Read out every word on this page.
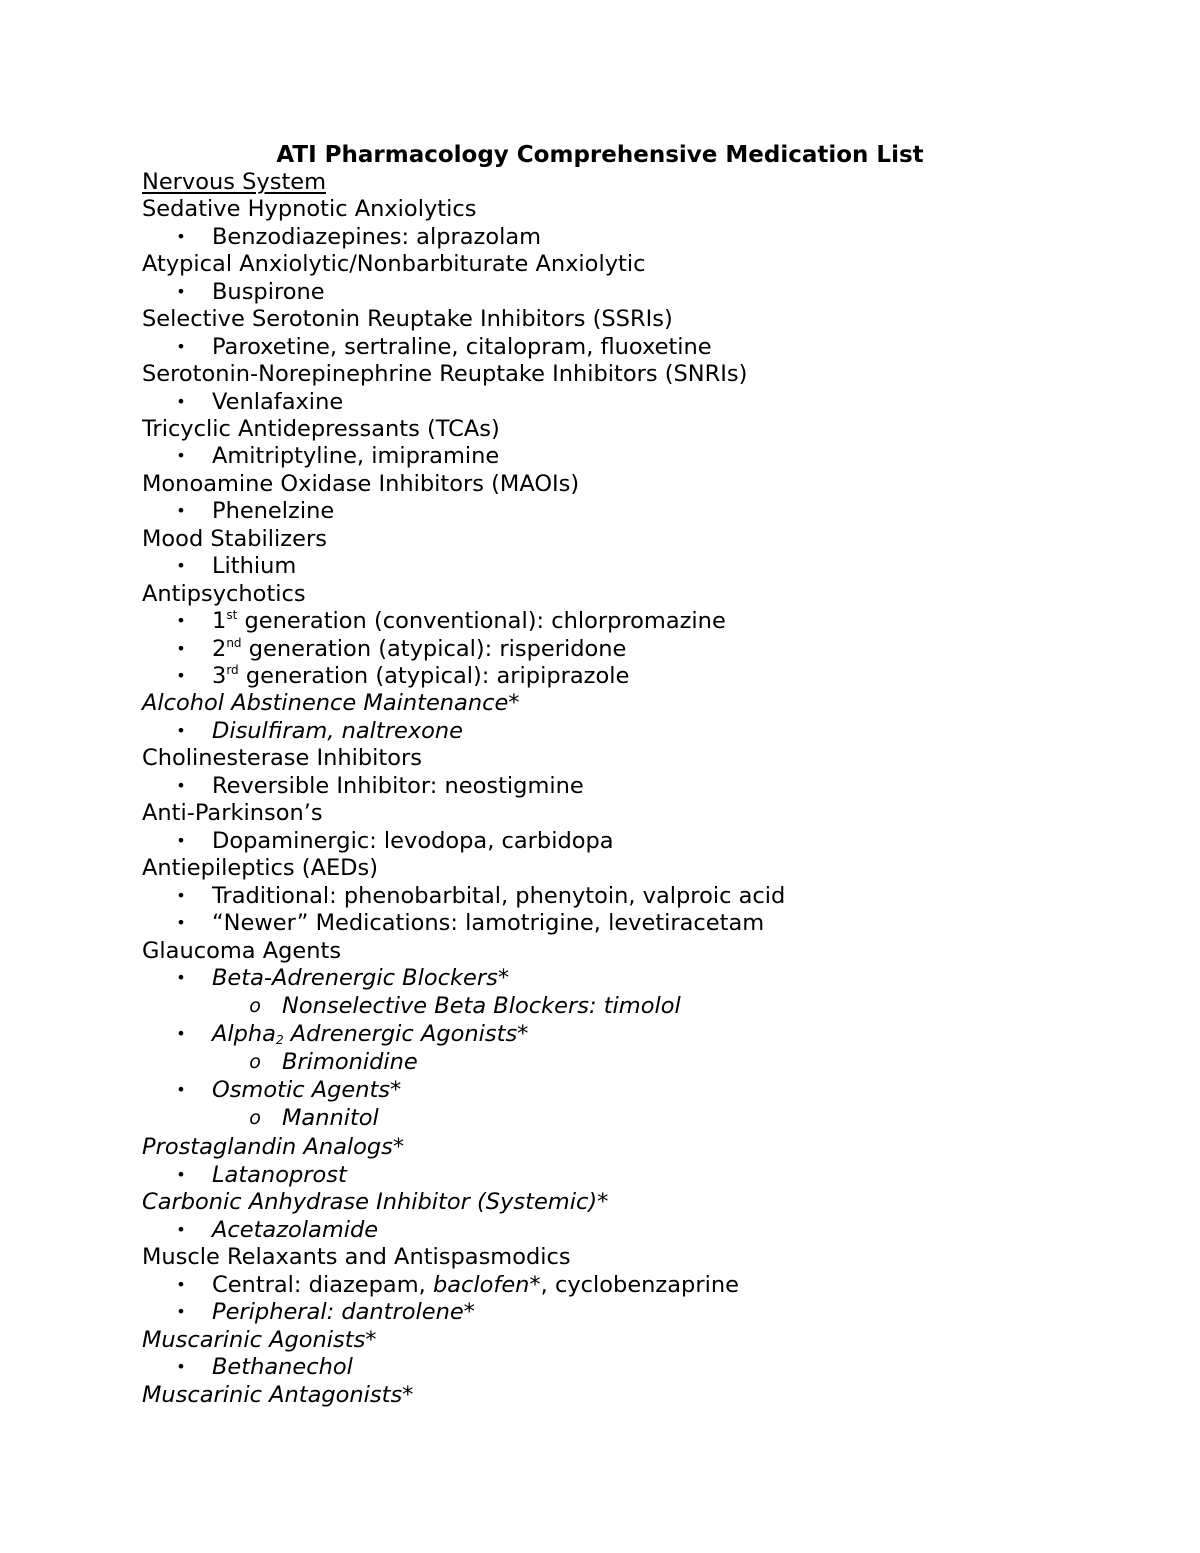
ATI Pharmacology Comprehensive Medication List
Nervous System
Sedative Hypnotic Anxiolytics
• Benzodiazepines: alprazolam
Atypical Anxiolytic/Nonbarbiturate Anxiolytic
• Buspirone
Selective Serotonin Reuptake Inhibitors (SSRIs)
• Paroxetine, sertraline, citalopram, fluoxetine
Serotonin-Norepinephrine Reuptake Inhibitors (SNRIs)
• Venlafaxine
Tricyclic Antidepressants (TCAs)
• Amitriptyline, imipramine
Monoamine Oxidase Inhibitors (MAOIs)
• Phenelzine
Mood Stabilizers
• Lithium
Antipsychotics
• 1st generation (conventional): chlorpromazine
• 2nd generation (atypical): risperidone
• 3rd generation (atypical): aripiprazole
Alcohol Abstinence Maintenance*
• Disulfiram, naltrexone
Cholinesterase Inhibitors
• Reversible Inhibitor: neostigmine
Anti-Parkinson’s
• Dopaminergic: levodopa, carbidopa
Antiepileptics (AEDs)
• Traditional: phenobarbital, phenytoin, valproic acid
• “Newer” Medications: lamotrigine, levetiracetam
Glaucoma Agents
• Beta-Adrenergic Blockers*
o Nonselective Beta Blockers: timolol
• Alpha$_2$ Adrenergic Agonists*
o Brimonidine
• Osmotic Agents*
o Mannitol
Prostaglandin Analogs*
• Latanoprost
Carbonic Anhydrase Inhibitor (Systemic)*
• Acetazolamide
Muscle Relaxants and Antispasmodics
• Central: diazepam, baclofen*, cyclobenzaprine
• Peripheral: dantrolene*
Muscarinic Agonists*
• Bethanechol
Muscarinic Antagonists*
